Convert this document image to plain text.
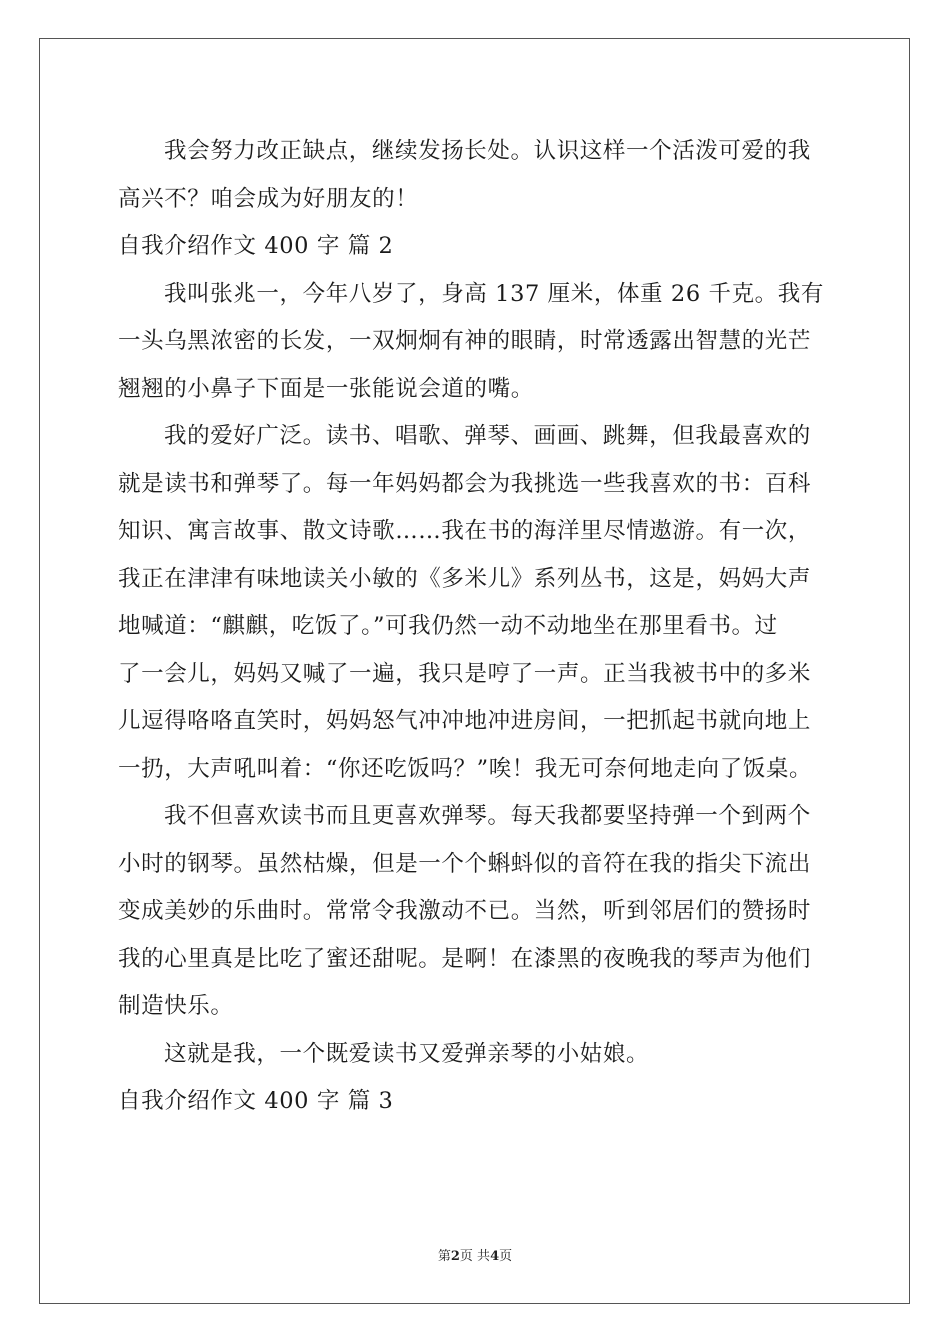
我会努力改正缺点，继续发扬长处。认识这样一个活泼可爱的我
高兴不？咱会成为好朋友的！
自我介绍作文 400 字 篇 2
我叫张兆一，今年八岁了，身高 137 厘米，体重 26 千克。我有
一头乌黑浓密的长发，一双炯炯有神的眼睛，时常透露出智慧的光芒
翘翘的小鼻子下面是一张能说会道的嘴。
我的爱好广泛。读书、唱歌、弹琴、画画、跳舞，但我最喜欢的
就是读书和弹琴了。每一年妈妈都会为我挑选一些我喜欢的书：百科
知识、寓言故事、散文诗歌……我在书的海洋里尽情遨游。有一次，
我正在津津有味地读关小敏的《多米儿》系列丛书，这是，妈妈大声
地喊道：“麒麒，吃饭了。”可我仍然一动不动地坐在那里看书。过
了一会儿，妈妈又喊了一遍，我只是哼了一声。正当我被书中的多米
儿逗得咯咯直笑时，妈妈怒气冲冲地冲进房间，一把抓起书就向地上
一扔，大声吼叫着：“你还吃饭吗？”唉！我无可奈何地走向了饭桌。
我不但喜欢读书而且更喜欢弹琴。每天我都要坚持弹一个到两个
小时的钢琴。虽然枯燥，但是一个个蝌蚪似的音符在我的指尖下流出
变成美妙的乐曲时。常常令我激动不已。当然，听到邻居们的赞扬时
我的心里真是比吃了蜜还甜呢。是啊！在漆黑的夜晚我的琴声为他们
制造快乐。
这就是我，一个既爱读书又爱弹亲琴的小姑娘。
自我介绍作文 400 字 篇 3
第2页 共4页
